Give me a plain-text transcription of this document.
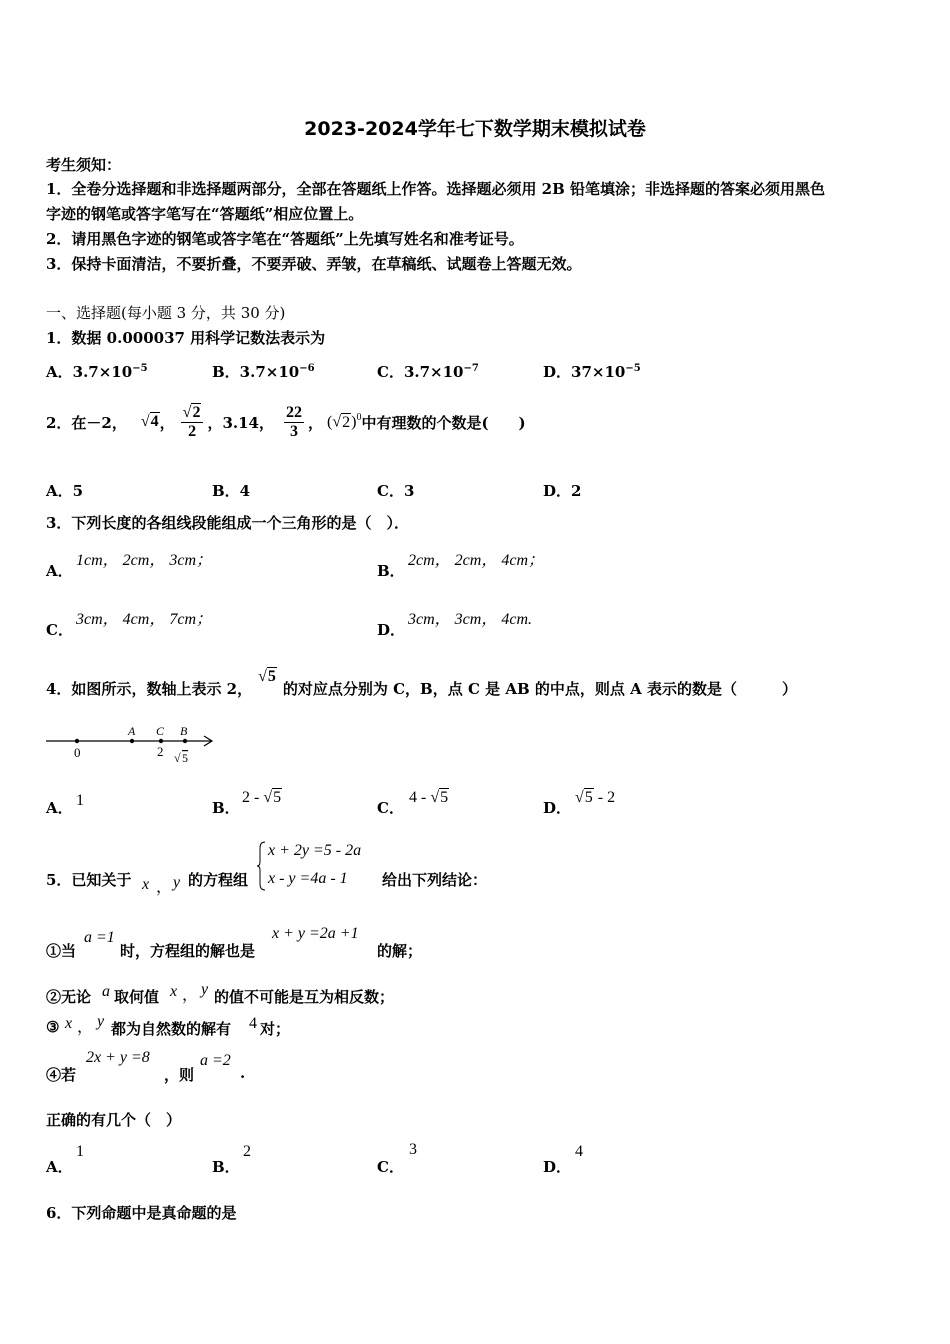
2023-2024学年七下数学期末模拟试卷
考生须知：
1．全卷分选择题和非选择题两部分，全部在答题纸上作答。选择题必须用 2B 铅笔填涂；非选择题的答案必须用黑色
字迹的钢笔或答字笔写在“答题纸”相应位置上。
2．请用黑色字迹的钢笔或答字笔在“答题纸”上先填写姓名和准考证号。
3．保持卡面清洁，不要折叠，不要弄破、弄皱，在草稿纸、试题卷上答题无效。
一、选择题(每小题 3 分，共 30 分)
1．数据 0.000037 用科学记数法表示为
A．$3.7\times 10^{-5}$	B．$3.7\times 10^{-6}$	C．$3.7\times 10^{-7}$	D．$37\times 10^{-5}$
2．在－2， √4 ， $\frac{√2}{2}$ ，3.14， $\frac{22}{3}$ ， $(√2)^0$ 中有理数的个数是(　　)
A．5	B．4	C．3	D．2
3．下列长度的各组线段能组成一个三角形的是（　）．
A．
1cm， 2cm， 3cm；
B．
2cm， 2cm， 4cm；
C．
3cm， 4cm， 7cm；
D．
3cm， 3cm， 4cm.
4．如图所示，数轴上表示 2，
√5
的对应点分别为 C，B，点 C 是 AB 的中点，则点 A 表示的数是（　　　）
0
A C B
2 √ 5
A． 1	B．
2 - √5
C．
4 - √5
D．
√5 - 2
5．已知关于 x ， y 的方程组
x + 2y =5 - 2a
x - y =4a - 1 给出下列结论：
①当
a =1
时，方程组的解也是
x + y =2a +1
的解；
②无论 a 取何值 x ， y 的值不可能是互为相反数；
③ x ， y 都为自然数的解有 4 对；
④若
2x + y =8
，则
a =2
.
正确的有几个（　）
A．
1
B．
2
C．
3
D．
4
6．下列命题中是真命题的是
